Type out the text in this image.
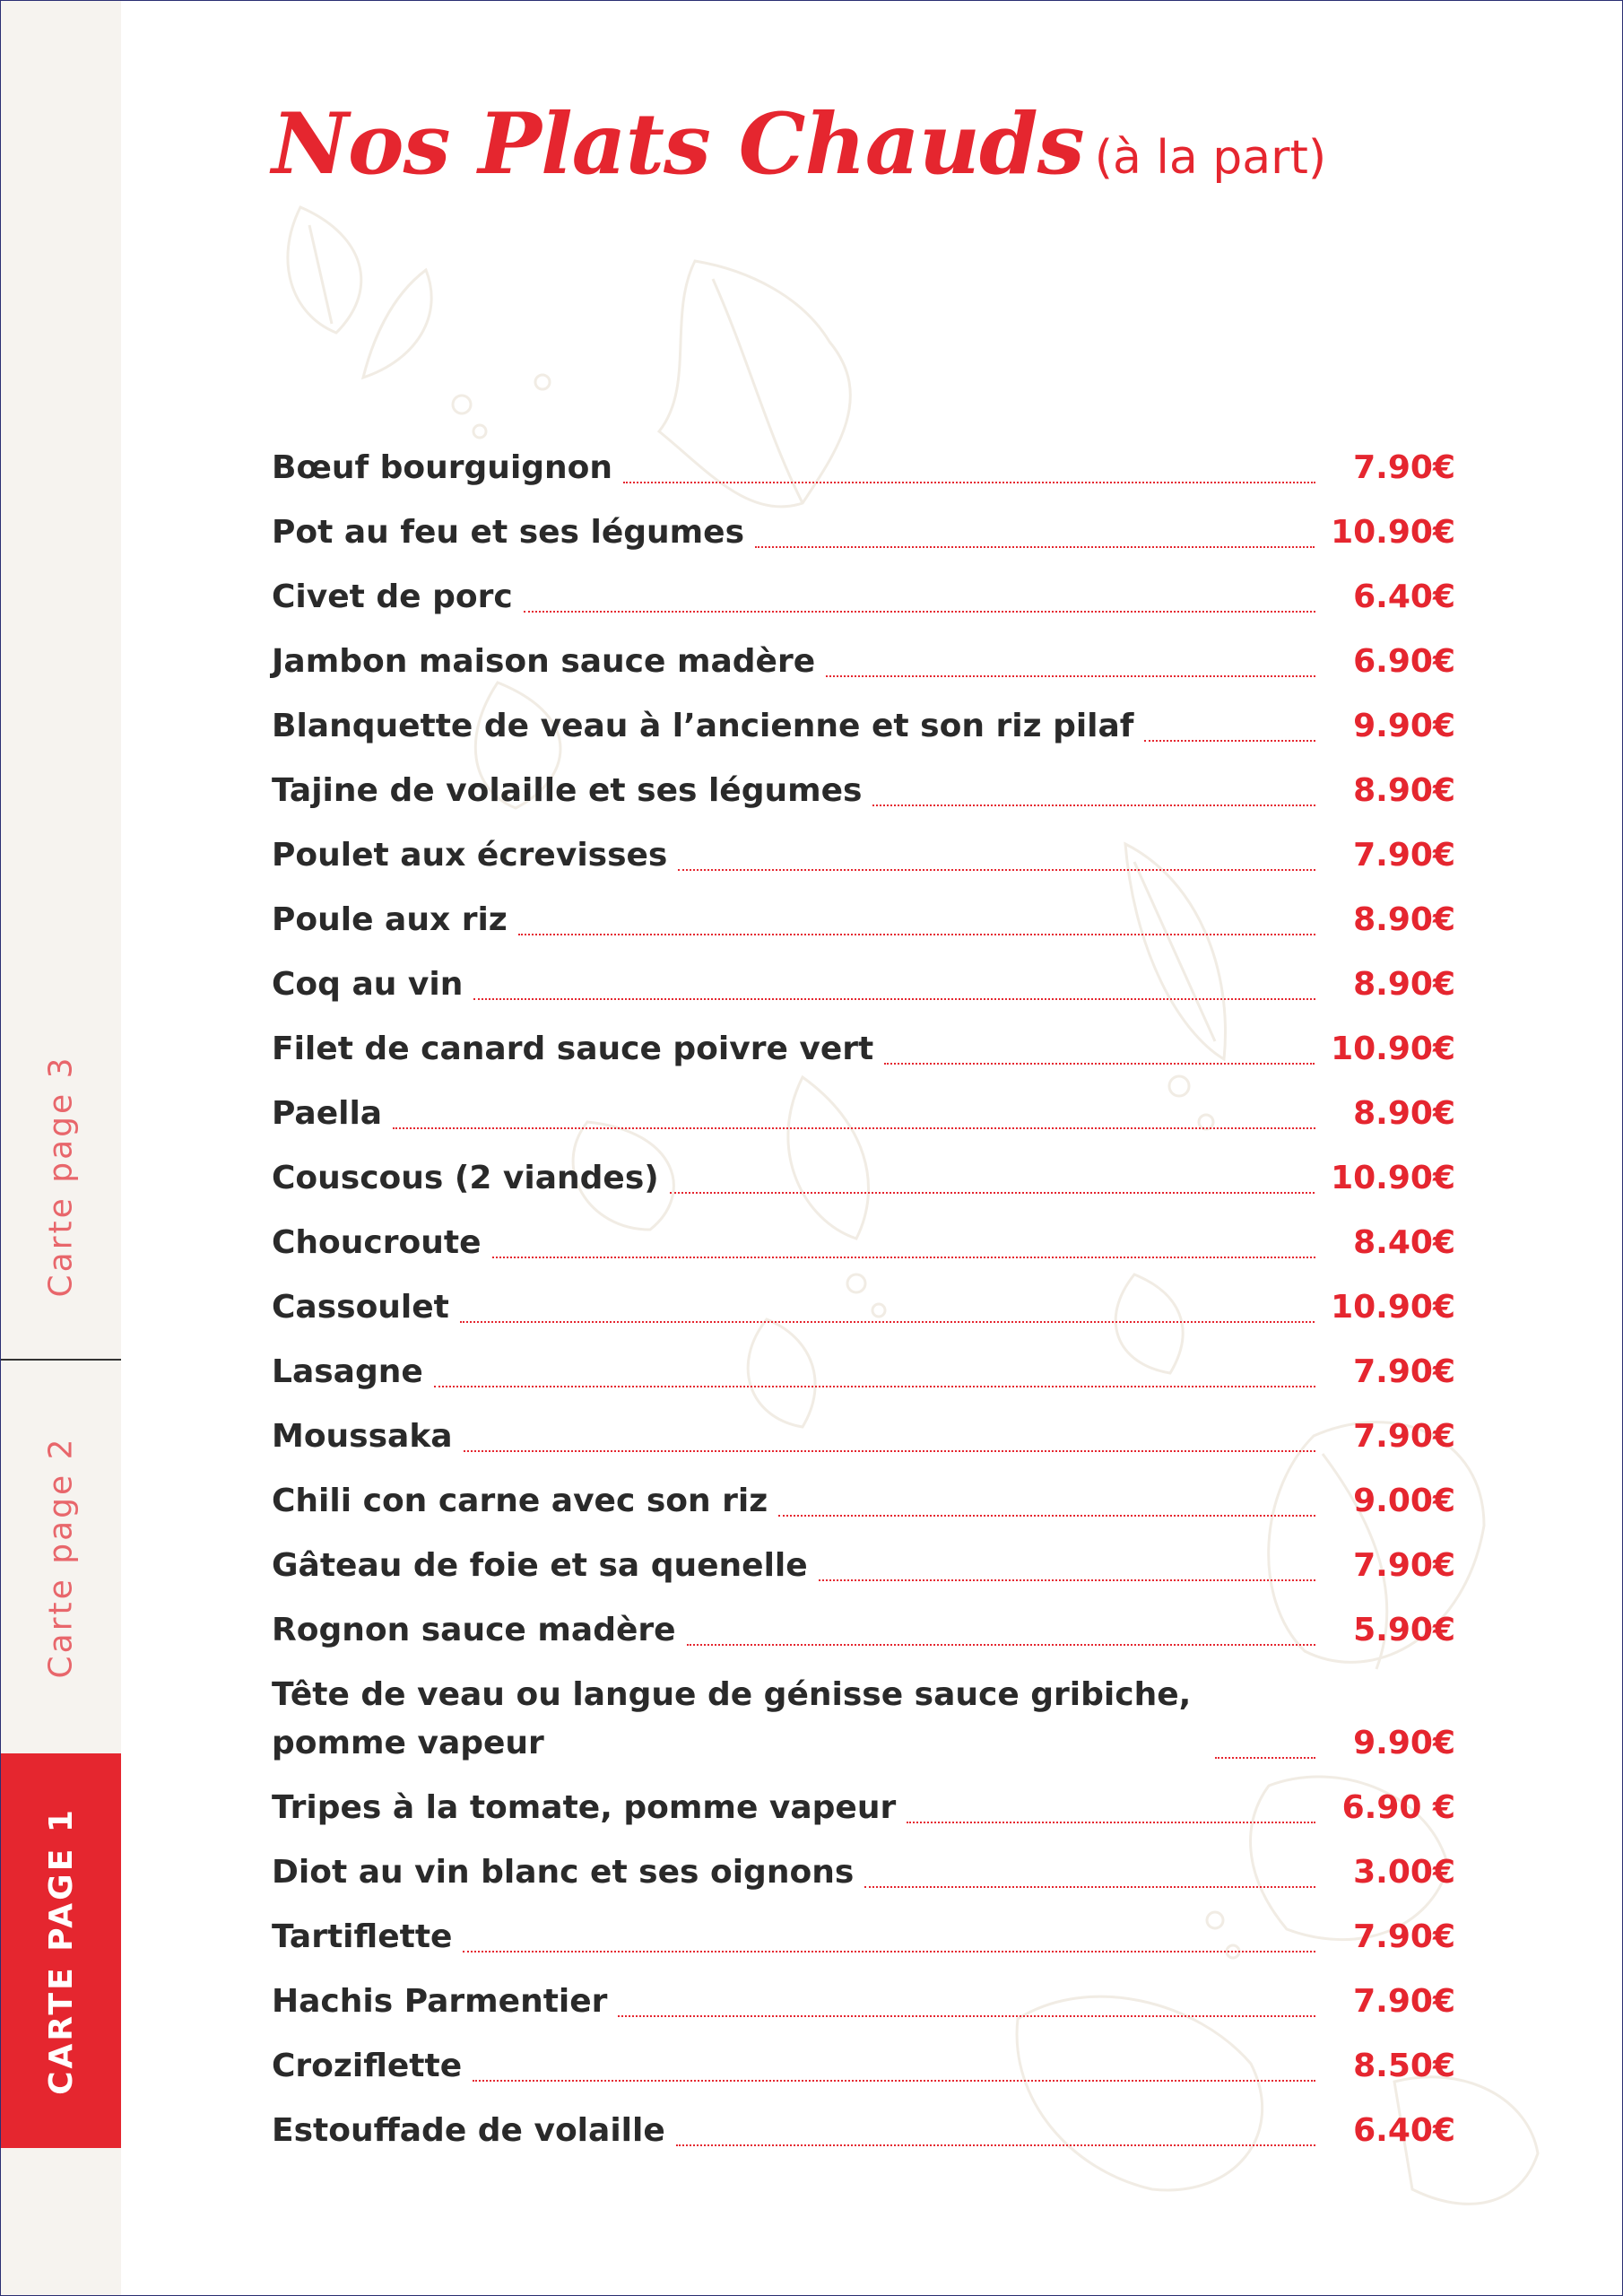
Carte page 3
Carte page 2
CARTE PAGE 1
Nos Plats Chauds (à la part)
Bœuf bourguignon	7.90€
Pot au feu et ses légumes	10.90€
Civet de porc	6.40€
Jambon maison sauce madère	6.90€
Blanquette de veau à l’ancienne et son riz pilaf	9.90€
Tajine de volaille et ses légumes	8.90€
Poulet aux écrevisses	7.90€
Poule aux riz	8.90€
Coq au vin	8.90€
Filet de canard sauce poivre vert	10.90€
Paella	8.90€
Couscous (2 viandes)	10.90€
Choucroute	8.40€
Cassoulet	10.90€
Lasagne	7.90€
Moussaka	7.90€
Chili con carne avec son riz	9.00€
Gâteau de foie et sa quenelle	7.90€
Rognon sauce madère	5.90€
Tête de veau ou langue de génisse sauce gribiche, pomme vapeur	9.90€
Tripes à la tomate, pomme vapeur	6.90 €
Diot au vin blanc et ses oignons	3.00€
Tartiflette	7.90€
Hachis Parmentier	7.90€
Croziflette	8.50€
Estouffade de volaille	6.40€
